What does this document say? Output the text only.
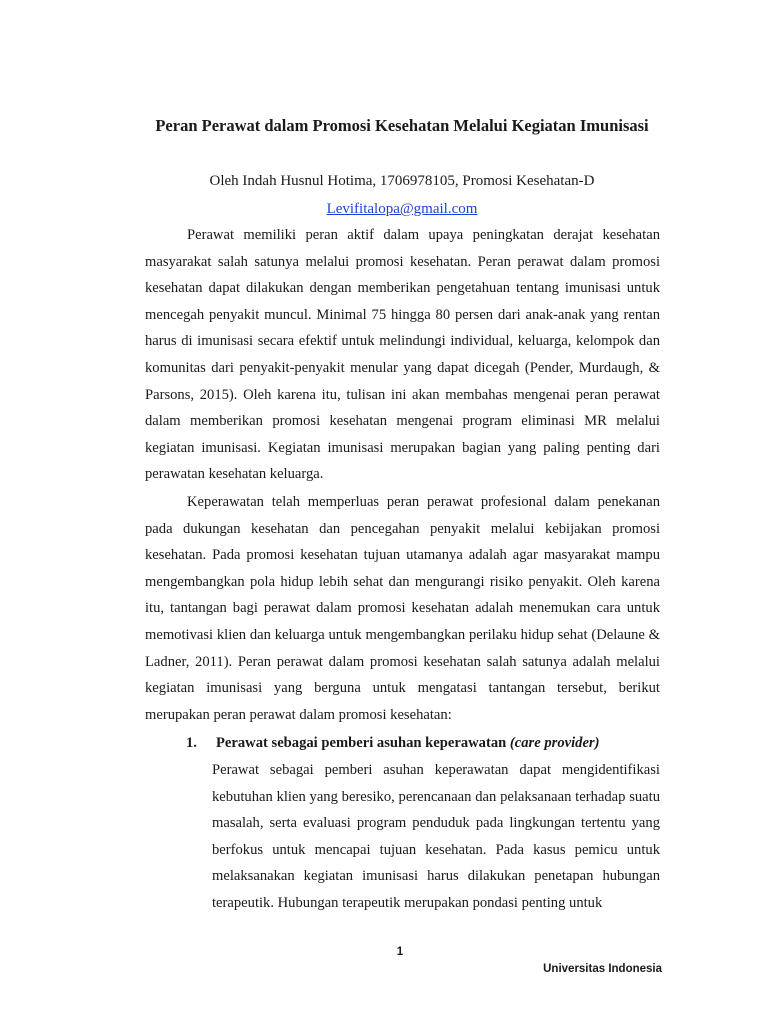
Peran Perawat dalam Promosi Kesehatan Melalui Kegiatan Imunisasi
Oleh Indah Husnul Hotima, 1706978105, Promosi Kesehatan-D
Levifitalopa@gmail.com

Perawat memiliki peran aktif dalam upaya peningkatan derajat kesehatan masyarakat salah satunya melalui promosi kesehatan. Peran perawat dalam promosi kesehatan dapat dilakukan dengan memberikan pengetahuan tentang imunisasi untuk mencegah penyakit muncul. Minimal 75 hingga 80 persen dari anak-anak yang rentan harus di imunisasi secara efektif untuk melindungi individual, keluarga, kelompok dan komunitas dari penyakit-penyakit menular yang dapat dicegah (Pender, Murdaugh, & Parsons, 2015). Oleh karena itu, tulisan ini akan membahas mengenai peran perawat dalam memberikan promosi kesehatan mengenai program eliminasi MR melalui kegiatan imunisasi. Kegiatan imunisasi merupakan bagian yang paling penting dari perawatan kesehatan keluarga.

Keperawatan telah memperluas peran perawat profesional dalam penekanan pada dukungan kesehatan dan pencegahan penyakit melalui kebijakan promosi kesehatan. Pada promosi kesehatan tujuan utamanya adalah agar masyarakat mampu mengembangkan pola hidup lebih sehat dan mengurangi risiko penyakit. Oleh karena itu, tantangan bagi perawat dalam promosi kesehatan adalah menemukan cara untuk memotivasi klien dan keluarga untuk mengembangkan perilaku hidup sehat (Delaune & Ladner, 2011). Peran perawat dalam promosi kesehatan salah satunya adalah melalui kegiatan imunisasi yang berguna untuk mengatasi tantangan tersebut, berikut merupakan peran perawat dalam promosi kesehatan:

1. Perawat sebagai pemberi asuhan keperawatan (care provider)

Perawat sebagai pemberi asuhan keperawatan dapat mengidentifikasi kebutuhan klien yang beresiko, perencanaan dan pelaksanaan terhadap suatu masalah, serta evaluasi program penduduk pada lingkungan tertentu yang berfokus untuk mencapai tujuan kesehatan. Pada kasus pemicu untuk melaksanakan kegiatan imunisasi harus dilakukan penetapan hubungan terapeutik. Hubungan terapeutik merupakan pondasi penting untuk

1
Universitas Indonesia
